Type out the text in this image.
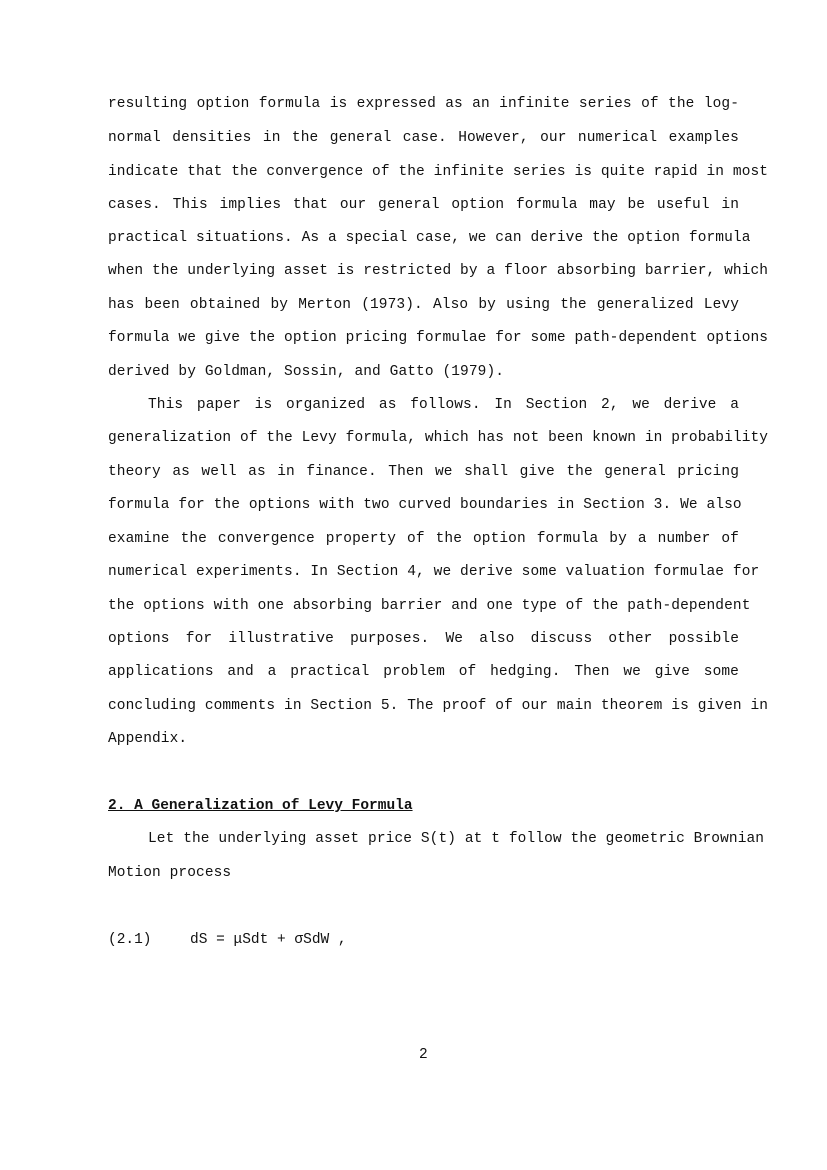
resulting option formula is expressed as an infinite series of the log-
normal densities in the general case. However, our numerical examples
indicate that the convergence of the infinite series is quite rapid in most
cases. This implies that our general option formula may be useful in
practical situations. As a special case, we can derive the option formula
when the underlying asset is restricted by a floor absorbing barrier, which
has been obtained by Merton (1973). Also by using the generalized Levy
formula we give the option pricing formulae for some path-dependent options
derived by Goldman, Sossin, and Gatto (1979).
This paper is organized as follows. In Section 2, we derive a
generalization of the Levy formula, which has not been known in probability
theory as well as in finance. Then we shall give the general pricing
formula for the options with two curved boundaries in Section 3. We also
examine the convergence property of the option formula by a number of
numerical experiments. In Section 4, we derive some valuation formulae for
the options with one absorbing barrier and one type of the path-dependent
options for illustrative purposes. We also discuss other possible
applications and a practical problem of hedging. Then we give some
concluding comments in Section 5. The proof of our main theorem is given in
Appendix.
2. A Generalization of Levy Formula
Let the underlying asset price S(t) at t follow the geometric Brownian
Motion process
(2.1)	dS = μSdt + σSdW ,
2
